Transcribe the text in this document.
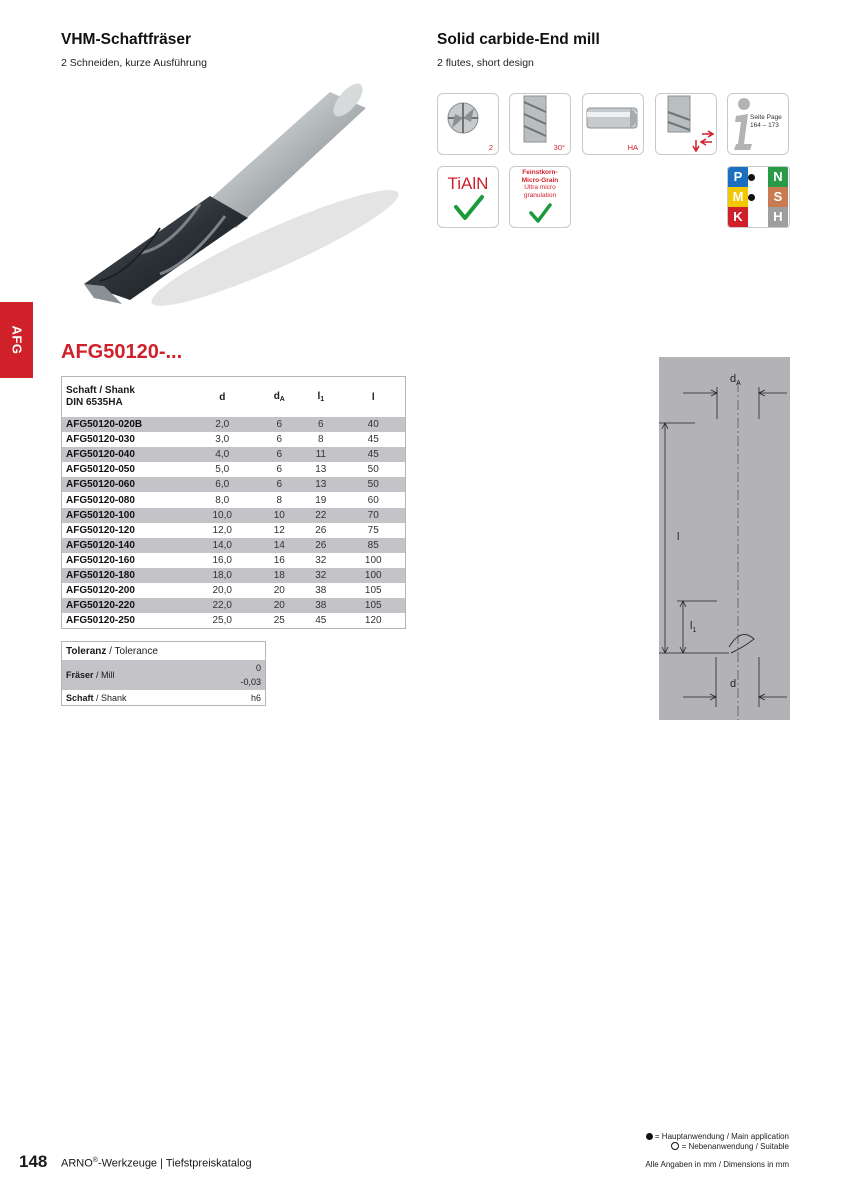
VHM-Schaftfräser
2 Schneiden, kurze Ausführung
Solid carbide-End mill
2 flutes, short design
2	30°	HA
Seite Page
164 – 173
TiAlN
Feinstkorn-
Micro-Grain
Ultra micro
granulation
P	N
M	S
K	H
AFG AFG50120-...
Schaft / Shank
DIN 6535HA	d	$d_A$	$l_1$	l
AFG50120-020B	2,0	6	6	40
AFG50120-030	3,0	6	8	45
AFG50120-040	4,0	6	11	45
AFG50120-050	5,0	6	13	50
AFG50120-060	6,0	6	13	50
AFG50120-080	8,0	8	19	60
AFG50120-100	10,0	10	22	70
AFG50120-120	12,0	12	26	75
AFG50120-140	14,0	14	26	85
AFG50120-160	16,0	16	32	100
AFG50120-180	18,0	18	32	100
AFG50120-200	20,0	20	38	105
AFG50120-220	22,0	20	38	105
AFG50120-250	25,0	25	45	120
Toleranz / Tolerance	
Fräser / Mill	0
-0,03

Schaft / Shank	h6
$d_A$
l
$l_1$
d
= Hauptanwendung / Main application
= Nebenanwendung / Suitable
Alle Angaben in mm / Dimensions in mm
148 ARNO®-Werkzeuge | Tiefstpreiskatalog
